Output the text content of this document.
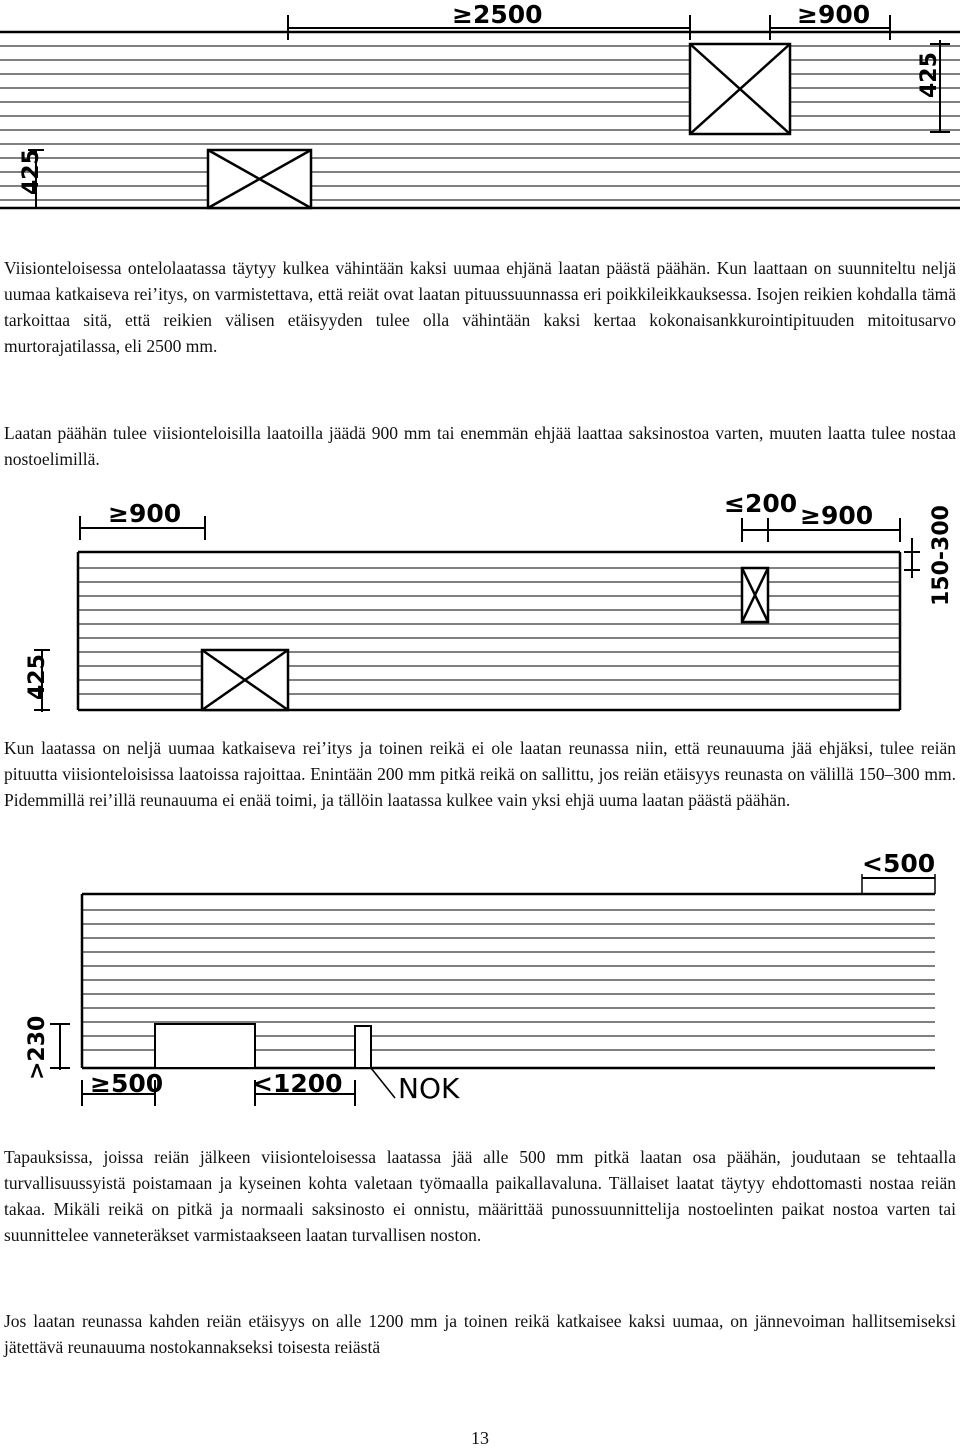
≥2500	≥900
425
425

Viisionteloisessa ontelolaatassa täytyy kulkea vähintään kaksi uumaa ehjänä laatan päästä päähän. Kun laattaan on suunniteltu neljä uumaa katkaiseva rei’itys, on varmistettava, että reiät ovat laatan pituussuunnassa eri poikkileikkauksessa. Isojen reikien kohdalla tämä tarkoittaa sitä, että reikien välisen etäisyyden tulee olla vähintään kaksi kertaa kokonaisankkurointipituuden mitoitusarvo murtorajatilassa, eli 2500 mm.

Laatan päähän tulee viisionteloisilla laatoilla jäädä 900 mm tai enemmän ehjää laattaa saksinostoa varten, muuten laatta tulee nostaa nostoelimillä.

≥900	≤200 ≥900	150-300
425

Kun laatassa on neljä uumaa katkaiseva rei’itys ja toinen reikä ei ole laatan reunassa niin, että reunauuma jää ehjäksi, tulee reiän pituutta viisionteloisissa laatoissa rajoittaa. Enintään 200 mm pitkä reikä on sallittu, jos reiän etäisyys reunasta on välillä 150–300 mm. Pidemmillä rei’illä reunauuma ei enää toimi, ja tällöin laatassa kulkee vain yksi ehjä uuma laatan päästä päähän.

<500
>230
≥500	<1200 NOK

Tapauksissa, joissa reiän jälkeen viisionteloisessa laatassa jää alle 500 mm pitkä laatan osa päähän, joudutaan se tehtaalla turvallisuussyistä poistamaan ja kyseinen kohta valetaan työmaalla paikallavaluna. Tällaiset laatat täytyy ehdottomasti nostaa reiän takaa. Mikäli reikä on pitkä ja normaali saksinosto ei onnistu, määrittää punossuunnittelija nostoelinten paikat nostoa varten tai suunnittelee vanneteräkset varmistaakseen laatan turvallisen noston.

Jos laatan reunassa kahden reiän etäisyys on alle 1200 mm ja toinen reikä katkaisee kaksi uumaa, on jännevoiman hallitsemiseksi jätettävä reunauuma nostokannakseksi toisesta reiästä

13
